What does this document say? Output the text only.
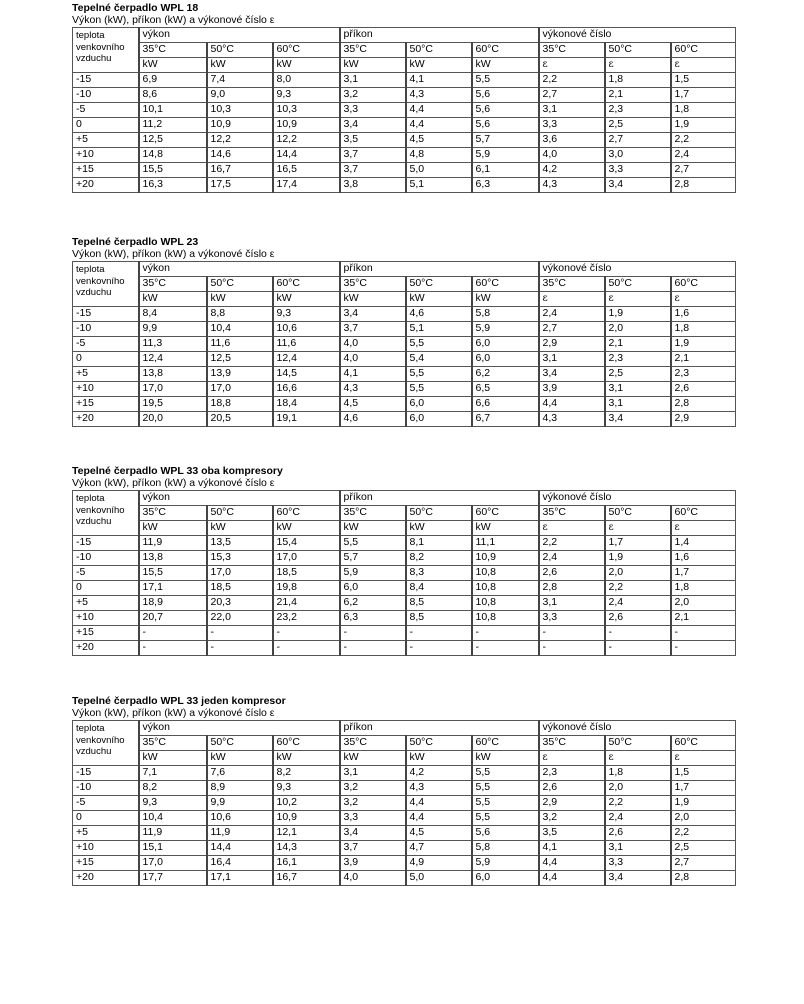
Tepelné čerpadlo WPL 18
Výkon (kW), příkon (kW) a výkonové číslo ε
teplota venkovního vzduchu	výkon			příkon			výkonové číslo		
	35°C	50°C	60°C	35°C	50°C	60°C	35°C	50°C	60°C
	kW	kW	kW	kW	kW	kW	ε	ε	ε
-15	6,9	7,4	8,0	3,1	4,1	5,5	2,2	1,8	1,5
-10	8,6	9,0	9,3	3,2	4,3	5,6	2,7	2,1	1,7
-5	10,1	10,3	10,3	3,3	4,4	5,6	3,1	2,3	1,8
0	11,2	10,9	10,9	3,4	4,4	5,6	3,3	2,5	1,9
+5	12,5	12,2	12,2	3,5	4,5	5,7	3,6	2,7	2,2
+10	14,8	14,6	14,4	3,7	4,8	5,9	4,0	3,0	2,4
+15	15,5	16,7	16,5	3,7	5,0	6,1	4,2	3,3	2,7
+20	16,3	17,5	17,4	3,8	5,1	6,3	4,3	3,4	2,8
Tepelné čerpadlo WPL 23
Výkon (kW), příkon (kW) a výkonové číslo ε
teplota venkovního vzduchu	výkon			příkon			výkonové číslo		
	35°C	50°C	60°C	35°C	50°C	60°C	35°C	50°C	60°C
	kW	kW	kW	kW	kW	kW	ε	ε	ε
-15	8,4	8,8	9,3	3,4	4,6	5,8	2,4	1,9	1,6
-10	9,9	10,4	10,6	3,7	5,1	5,9	2,7	2,0	1,8
-5	11,3	11,6	11,6	4,0	5,5	6,0	2,9	2,1	1,9
0	12,4	12,5	12,4	4,0	5,4	6,0	3,1	2,3	2,1
+5	13,8	13,9	14,5	4,1	5,5	6,2	3,4	2,5	2,3
+10	17,0	17,0	16,6	4,3	5,5	6,5	3,9	3,1	2,6
+15	19,5	18,8	18,4	4,5	6,0	6,6	4,4	3,1	2,8
+20	20,0	20,5	19,1	4,6	6,0	6,7	4,3	3,4	2,9
Tepelné čerpadlo WPL 33 oba kompresory
Výkon (kW), příkon (kW) a výkonové číslo ε
teplota venkovního vzduchu	výkon			příkon			výkonové číslo		
	35°C	50°C	60°C	35°C	50°C	60°C	35°C	50°C	60°C
	kW	kW	kW	kW	kW	kW	ε	ε	ε
-15	11,9	13,5	15,4	5,5	8,1	11,1	2,2	1,7	1,4
-10	13,8	15,3	17,0	5,7	8,2	10,9	2,4	1,9	1,6
-5	15,5	17,0	18,5	5,9	8,3	10,8	2,6	2,0	1,7
0	17,1	18,5	19,8	6,0	8,4	10,8	2,8	2,2	1,8
+5	18,9	20,3	21,4	6,2	8,5	10,8	3,1	2,4	2,0
+10	20,7	22,0	23,2	6,3	8,5	10,8	3,3	2,6	2,1
+15	-	-	-	-	-	-	-	-	-
+20	-	-	-	-	-	-	-	-	-
Tepelné čerpadlo WPL 33 jeden kompresor
Výkon (kW), příkon (kW) a výkonové číslo ε
teplota venkovního vzduchu	výkon			příkon			výkonové číslo		
	35°C	50°C	60°C	35°C	50°C	60°C	35°C	50°C	60°C
	kW	kW	kW	kW	kW	kW	ε	ε	ε
-15	7,1	7,6	8,2	3,1	4,2	5,5	2,3	1,8	1,5
-10	8,2	8,9	9,3	3,2	4,3	5,5	2,6	2,0	1,7
-5	9,3	9,9	10,2	3,2	4,4	5,5	2,9	2,2	1,9
0	10,4	10,6	10,9	3,3	4,4	5,5	3,2	2,4	2,0
+5	11,9	11,9	12,1	3,4	4,5	5,6	3,5	2,6	2,2
+10	15,1	14,4	14,3	3,7	4,7	5,8	4,1	3,1	2,5
+15	17,0	16,4	16,1	3,9	4,9	5,9	4,4	3,3	2,7
+20	17,7	17,1	16,7	4,0	5,0	6,0	4,4	3,4	2,8
